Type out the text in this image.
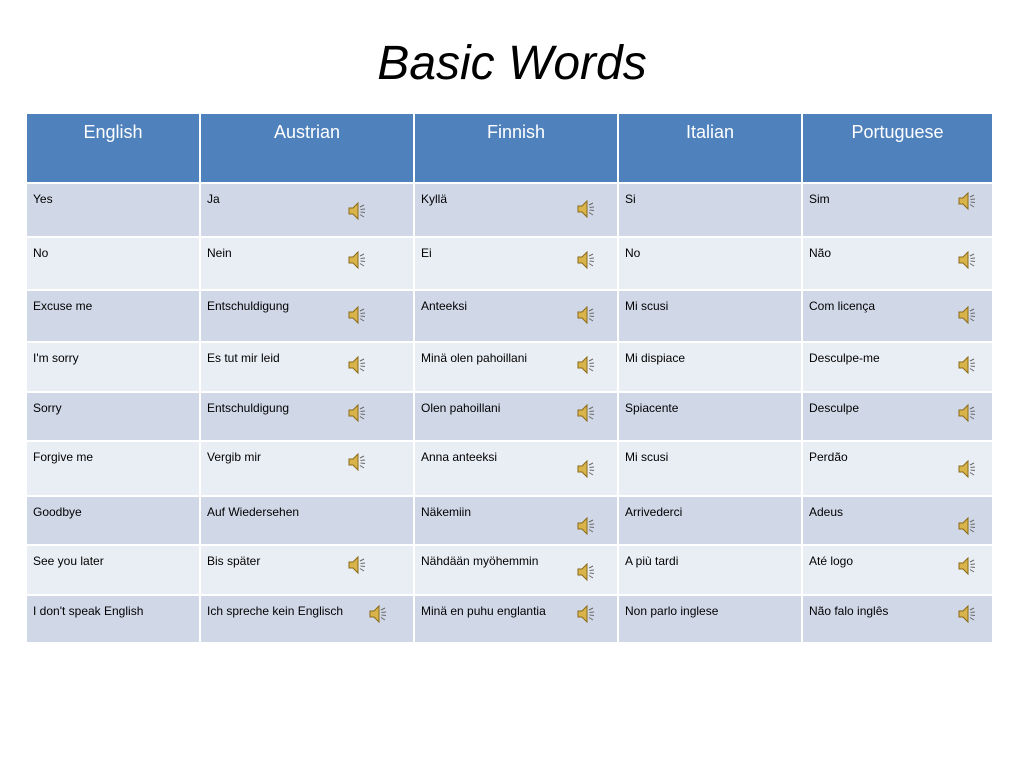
Basic Words
English	Austrian	Finnish	Italian	Portuguese
Yes	Ja	Kyllä	Si	Sim

No	Nein	Ei	No	Não

Excuse me	Entschuldigung	Anteeksi	Mi scusi	Com licença

I'm sorry	Es tut mir leid	Minä olen pahoillani	Mi dispiace	Desculpe-me

Sorry	Entschuldigung	Olen pahoillani	Spiacente	Desculpe

Forgive me	Vergib mir	Anna anteeksi	Mi scusi	Perdão

Goodbye	Auf Wiedersehen	Näkemiin	Arrivederci	Adeus

See you later	Bis später	Nähdään myöhemmin	A più tardi	Até logo

I don't speak English	Ich spreche kein Englisch	Minä en puhu englantia	Non parlo inglese	Não falo inglês
